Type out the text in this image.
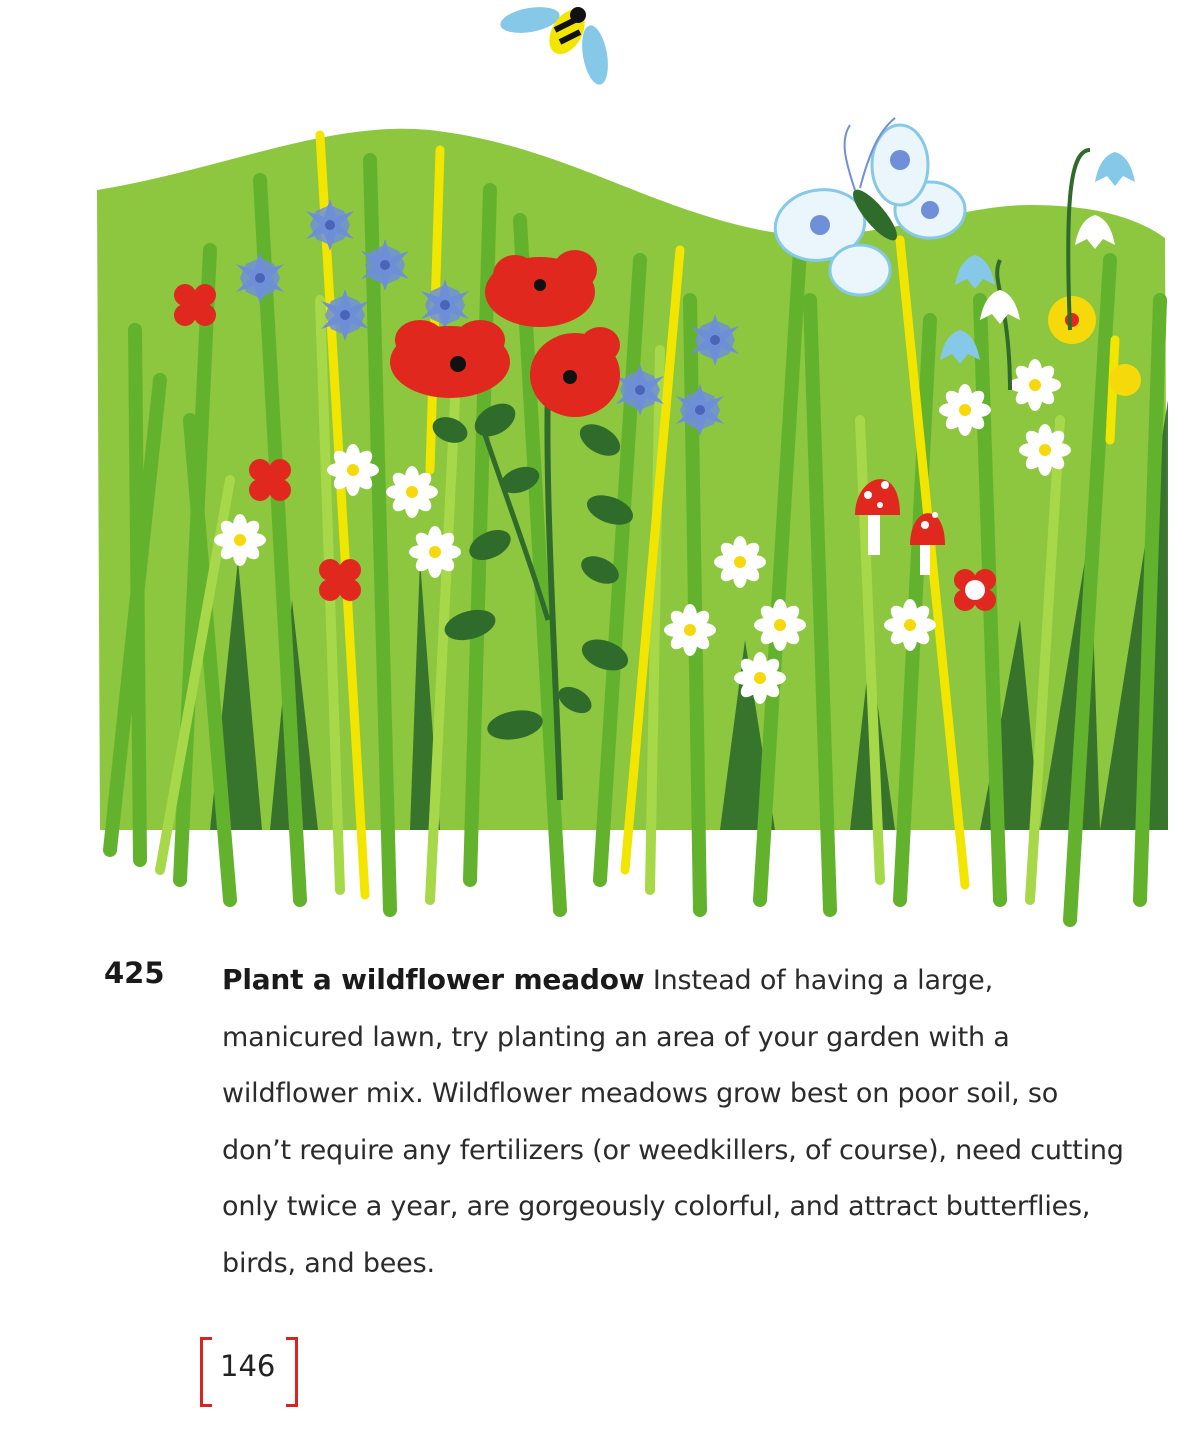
425 Plant a wildflower meadow Instead of having a large, manicured lawn, try planting an area of your garden with a wildflower mix. Wildflower meadows grow best on poor soil, so don’t require any fertilizers (or weedkillers, of course), need cutting only twice a year, are gorgeously colorful, and attract butterflies, birds, and bees.
146
